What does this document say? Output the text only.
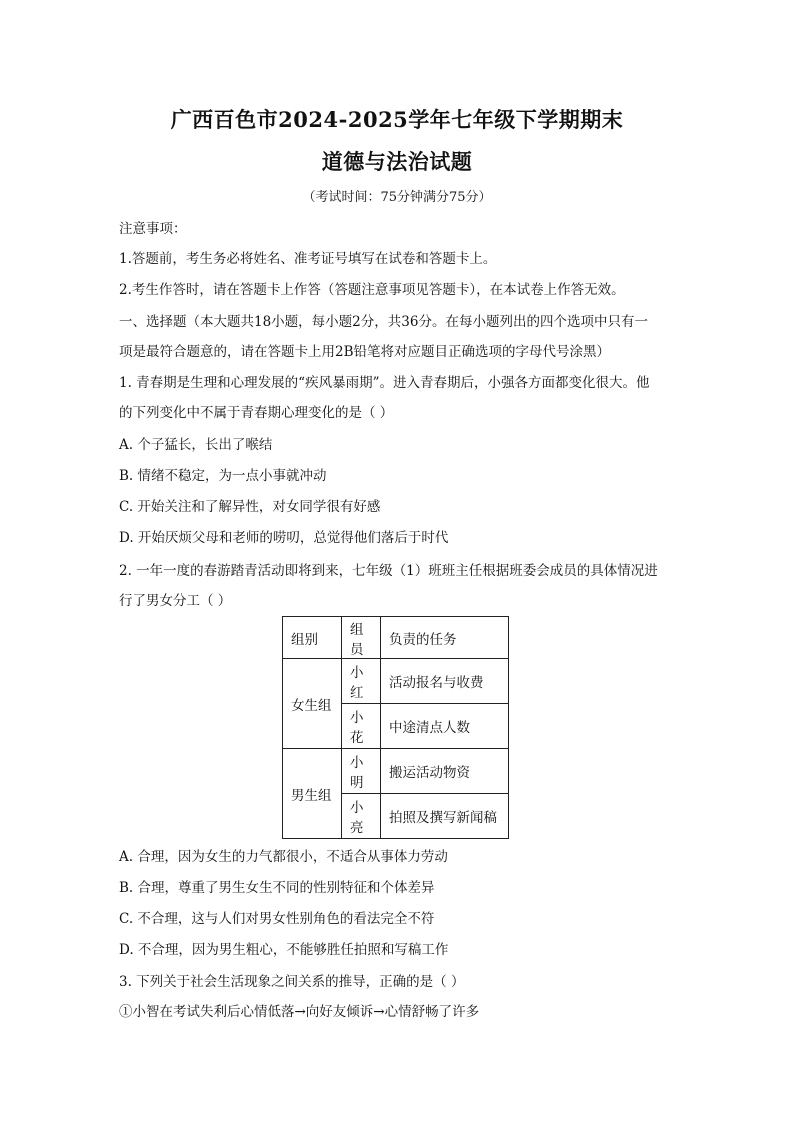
广西百色市2024-2025学年七年级下学期期末
道德与法治试题
（考试时间：75分钟满分75分）
注意事项：
1.答题前，考生务必将姓名、准考证号填写在试卷和答题卡上。
2.考生作答时，请在答题卡上作答（答题注意事项见答题卡），在本试卷上作答无效。
一、选择题（本大题共18小题，每小题2分，共36分。在每小题列出的四个选项中只有一
项是最符合题意的，请在答题卡上用2B铅笔将对应题目正确选项的字母代号涂黑）
1. 青春期是生理和心理发展的“疾风暴雨期”。进入青春期后，小强各方面都变化很大。他
的下列变化中不属于青春期心理变化的是（ ）
A. 个子猛长，长出了喉结
B. 情绪不稳定，为一点小事就冲动
C. 开始关注和了解异性，对女同学很有好感
D. 开始厌烦父母和老师的唠叨，总觉得他们落后于时代
2. 一年一度的春游踏青活动即将到来，七年级（1）班班主任根据班委会成员的具体情况进
行了男女分工（ ）
组别	组员	负责的任务
女生组	小红	活动报名与收费
	小花	中途清点人数
男生组	小明	搬运活动物资
	小亮	拍照及撰写新闻稿
A. 合理，因为女生的力气都很小，不适合从事体力劳动
B. 合理，尊重了男生女生不同的性别特征和个体差异
C. 不合理，这与人们对男女性别角色的看法完全不符
D. 不合理，因为男生粗心，不能够胜任拍照和写稿工作
3. 下列关于社会生活现象之间关系的推导，正确的是（ ）
①小智在考试失利后心情低落→向好友倾诉→心情舒畅了许多
